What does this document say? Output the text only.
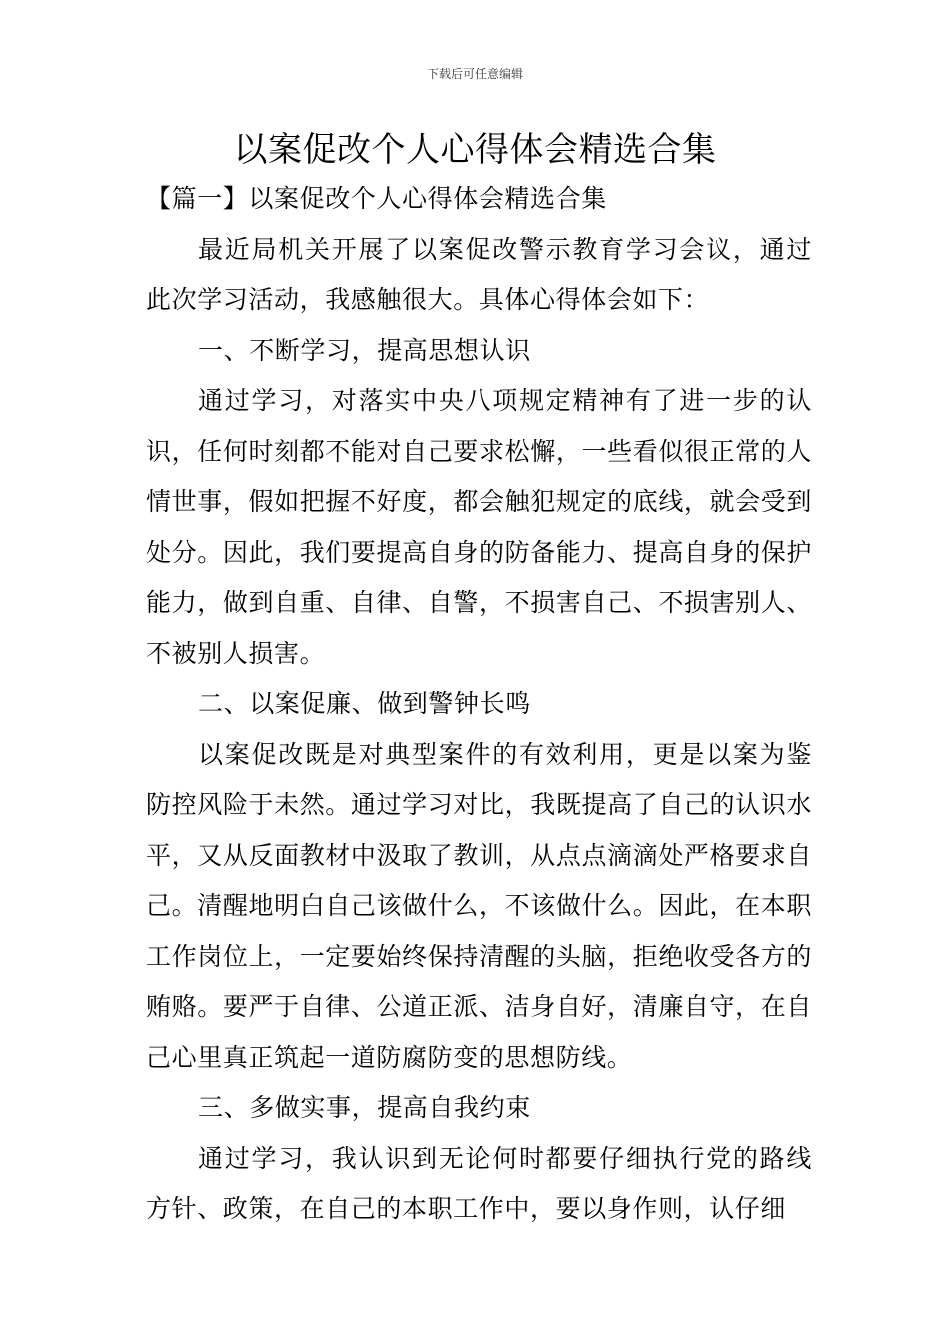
下载后可任意编辑
以案促改个人心得体会精选合集

【篇一】以案促改个人心得体会精选合集

最近局机关开展了以案促改警示教育学习会议，通过此次学习活动，我感触很大。具体心得体会如下：

一、不断学习，提高思想认识

通过学习，对落实中央八项规定精神有了进一步的认识，任何时刻都不能对自己要求松懈，一些看似很正常的人情世事，假如把握不好度，都会触犯规定的底线，就会受到处分。因此，我们要提高自身的防备能力、提高自身的保护能力，做到自重、自律、自警，不损害自己、不损害别人、不被别人损害。

二、以案促廉、做到警钟长鸣

以案促改既是对典型案件的有效利用，更是以案为鉴防控风险于未然。通过学习对比，我既提高了自己的认识水平，又从反面教材中汲取了教训，从点点滴滴处严格要求自己。清醒地明白自己该做什么，不该做什么。因此，在本职工作岗位上，一定要始终保持清醒的头脑，拒绝收受各方的贿赂。要严于自律、公道正派、洁身自好，清廉自守，在自己心里真正筑起一道防腐防变的思想防线。

三、多做实事，提高自我约束

通过学习，我认识到无论何时都要仔细执行党的路线方针、政策，在自己的本职工作中，要以身作则，认仔细
